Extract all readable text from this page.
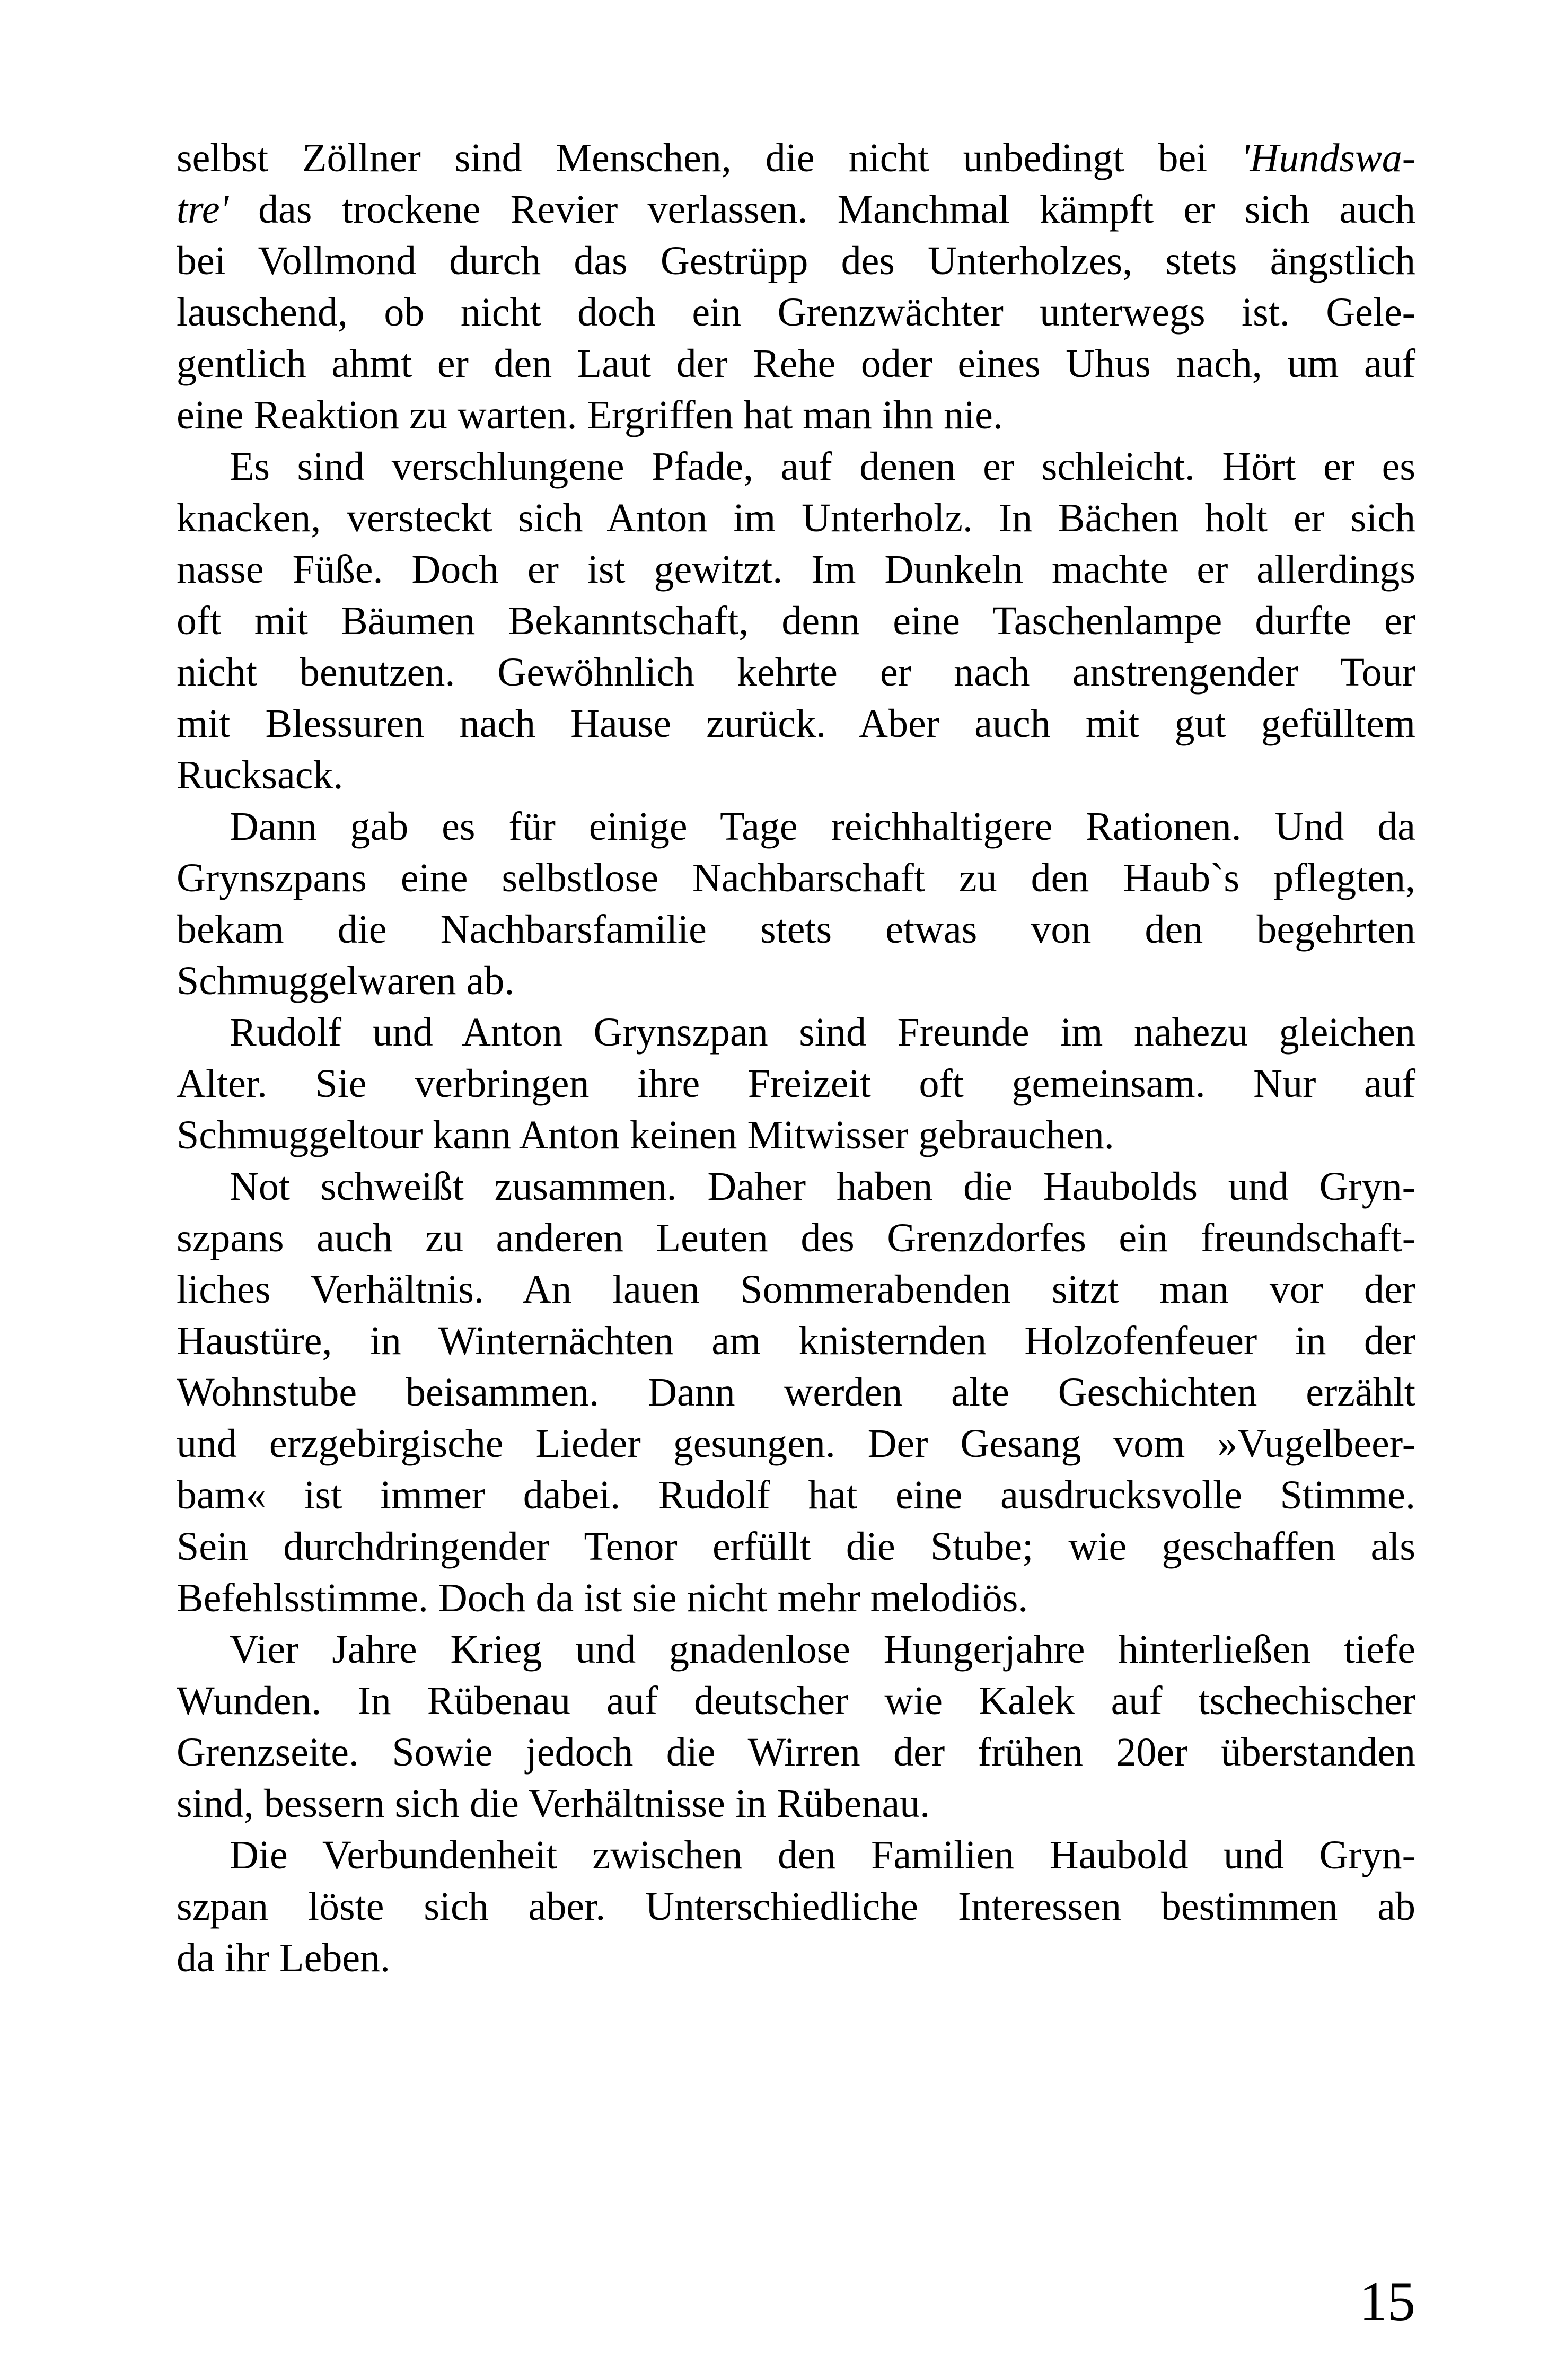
selbst Zöllner sind Menschen, die nicht unbedingt bei 'Hundswa-
tre' das trockene Revier verlassen. Manchmal kämpft er sich auch
bei Vollmond durch das Gestrüpp des Unterholzes, stets ängstlich
lauschend, ob nicht doch ein Grenzwächter unterwegs ist. Gele-
gentlich ahmt er den Laut der Rehe oder eines Uhus nach, um auf
eine Reaktion zu warten. Ergriffen hat man ihn nie.
Es sind verschlungene Pfade, auf denen er schleicht. Hört er es
knacken, versteckt sich Anton im Unterholz. In Bächen holt er sich
nasse Füße. Doch er ist gewitzt. Im Dunkeln machte er allerdings
oft mit Bäumen Bekanntschaft, denn eine Taschenlampe durfte er
nicht benutzen. Gewöhnlich kehrte er nach anstrengender Tour
mit Blessuren nach Hause zurück. Aber auch mit gut gefülltem
Rucksack.
Dann gab es für einige Tage reichhaltigere Rationen. Und da
Grynszpans eine selbstlose Nachbarschaft zu den Haub`s pflegten,
bekam die Nachbarsfamilie stets etwas von den begehrten
Schmuggelwaren ab.
Rudolf und Anton Grynszpan sind Freunde im nahezu gleichen
Alter. Sie verbringen ihre Freizeit oft gemeinsam. Nur auf
Schmuggeltour kann Anton keinen Mitwisser gebrauchen.
Not schweißt zusammen. Daher haben die Haubolds und Gryn-
szpans auch zu anderen Leuten des Grenzdorfes ein freundschaft-
liches Verhältnis. An lauen Sommerabenden sitzt man vor der
Haustüre, in Winternächten am knisternden Holzofenfeuer in der
Wohnstube beisammen. Dann werden alte Geschichten erzählt
und erzgebirgische Lieder gesungen. Der Gesang vom »Vugelbeer-
bam« ist immer dabei. Rudolf hat eine ausdrucksvolle Stimme.
Sein durchdringender Tenor erfüllt die Stube; wie geschaffen als
Befehlsstimme. Doch da ist sie nicht mehr melodiös.
Vier Jahre Krieg und gnadenlose Hungerjahre hinterließen tiefe
Wunden. In Rübenau auf deutscher wie Kalek auf tschechischer
Grenzseite. Sowie jedoch die Wirren der frühen 20er überstanden
sind, bessern sich die Verhältnisse in Rübenau.
Die Verbundenheit zwischen den Familien Haubold und Gryn-
szpan löste sich aber. Unterschiedliche Interessen bestimmen ab
da ihr Leben.
15
